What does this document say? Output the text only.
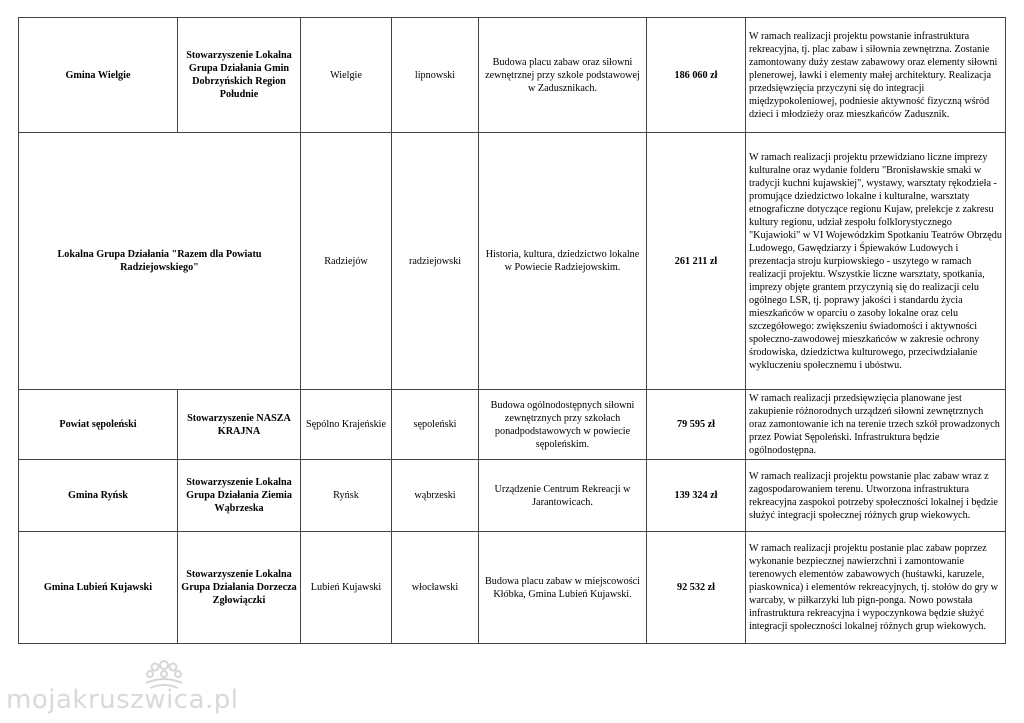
Gmina Wielgie	Stowarzyszenie Lokalna Grupa Działania Gmin Dobrzyńskich Region Południe	Wielgie	lipnowski	Budowa placu zabaw oraz siłowni zewnętrznej przy szkole podstawowej w Zadusznikach.	186 060 zł	W ramach realizacji projektu powstanie infrastruktura rekreacyjna, tj. plac zabaw i siłownia zewnętrzna. Zostanie zamontowany duży zestaw zabawowy oraz elementy siłowni plenerowej, ławki i elementy małej architektury. Realizacja przedsięwzięcia przyczyni się do integracji międzypokoleniowej, podniesie aktywność fizyczną wśród dzieci i młodzieży oraz mieszkańców Zadusznik.
Lokalna Grupa Działania "Razem dla Powiatu Radziejowskiego"		Radziejów	radziejowski	Historia, kultura, dziedzictwo lokalne w Powiecie Radziejowskim.	261 211 zł	W ramach realizacji projektu przewidziano liczne imprezy kulturalne oraz wydanie folderu "Bronisławskie smaki w tradycji kuchni kujawskiej", wystawy, warsztaty rękodzieła - promujące dziedzictwo lokalne i kulturalne, warsztaty etnograficzne dotyczące regionu Kujaw, prelekcje z zakresu kultury regionu, udział zespołu folklorystycznego "Kujawioki" w VI Wojewódzkim Spotkaniu Teatrów Obrzędu Ludowego, Gawędziarzy i Śpiewaków Ludowych i prezentacja stroju kurpiowskiego - uszytego w ramach realizacji projektu. Wszystkie liczne warsztaty, spotkania, imprezy objęte grantem przyczynią się do realizacji celu ogólnego LSR, tj. poprawy jakości i standardu życia mieszkańców w oparciu o zasoby lokalne oraz celu szczegółowego: zwiększeniu świadomości i aktywności społeczno-zawodowej mieszkańców w zakresie ochrony środowiska, dziedzictwa kulturowego, przeciwdziałanie wykluczeniu społecznemu i ubóstwu.
Powiat sępoleński	Stowarzyszenie NASZA KRAJNA	Sępólno Krajeńskie	sępoleński	Budowa ogólnodostępnych siłowni zewnętrznych przy szkołach ponadpodstawowych w powiecie sępoleńskim.	79 595 zł	W ramach realizacji przedsięwzięcia planowane jest zakupienie różnorodnych urządzeń siłowni zewnętrznych oraz zamontowanie ich na terenie trzech szkół prowadzonych przez Powiat Sępoleński. Infrastruktura będzie ogólnodostępna.
Gmina Ryńsk	Stowarzyszenie Lokalna Grupa Działania Ziemia Wąbrzeska	Ryńsk	wąbrzeski	Urządzenie Centrum Rekreacji w Jarantowicach.	139 324 zł	W ramach realizacji projektu powstanie plac zabaw wraz z zagospodarowaniem terenu. Utworzona infrastruktura rekreacyjna zaspokoi potrzeby społeczności lokalnej i będzie służyć integracji społecznej różnych grup wiekowych.
Gmina Lubień Kujawski	Stowarzyszenie Lokalna Grupa Działania Dorzecza Zgłowiączki	Lubień Kujawski	włocławski	Budowa placu zabaw w miejscowości Kłóbka, Gmina Lubień Kujawski.	92 532 zł	W ramach realizacji projektu postanie plac zabaw poprzez wykonanie bezpiecznej nawierzchni i zamontowanie terenowych elementów zabawowych (huśtawki, karuzele, piaskownica) i elementów rekreacyjnych, tj. stołów do gry w warcaby, w piłkarzyki lub pign-ponga. Nowo powstała infrastruktura rekreacyjna i wypoczynkowa będzie służyć integracji społeczności lokalnej różnych grup wiekowych.
mojakruszwica.pl
